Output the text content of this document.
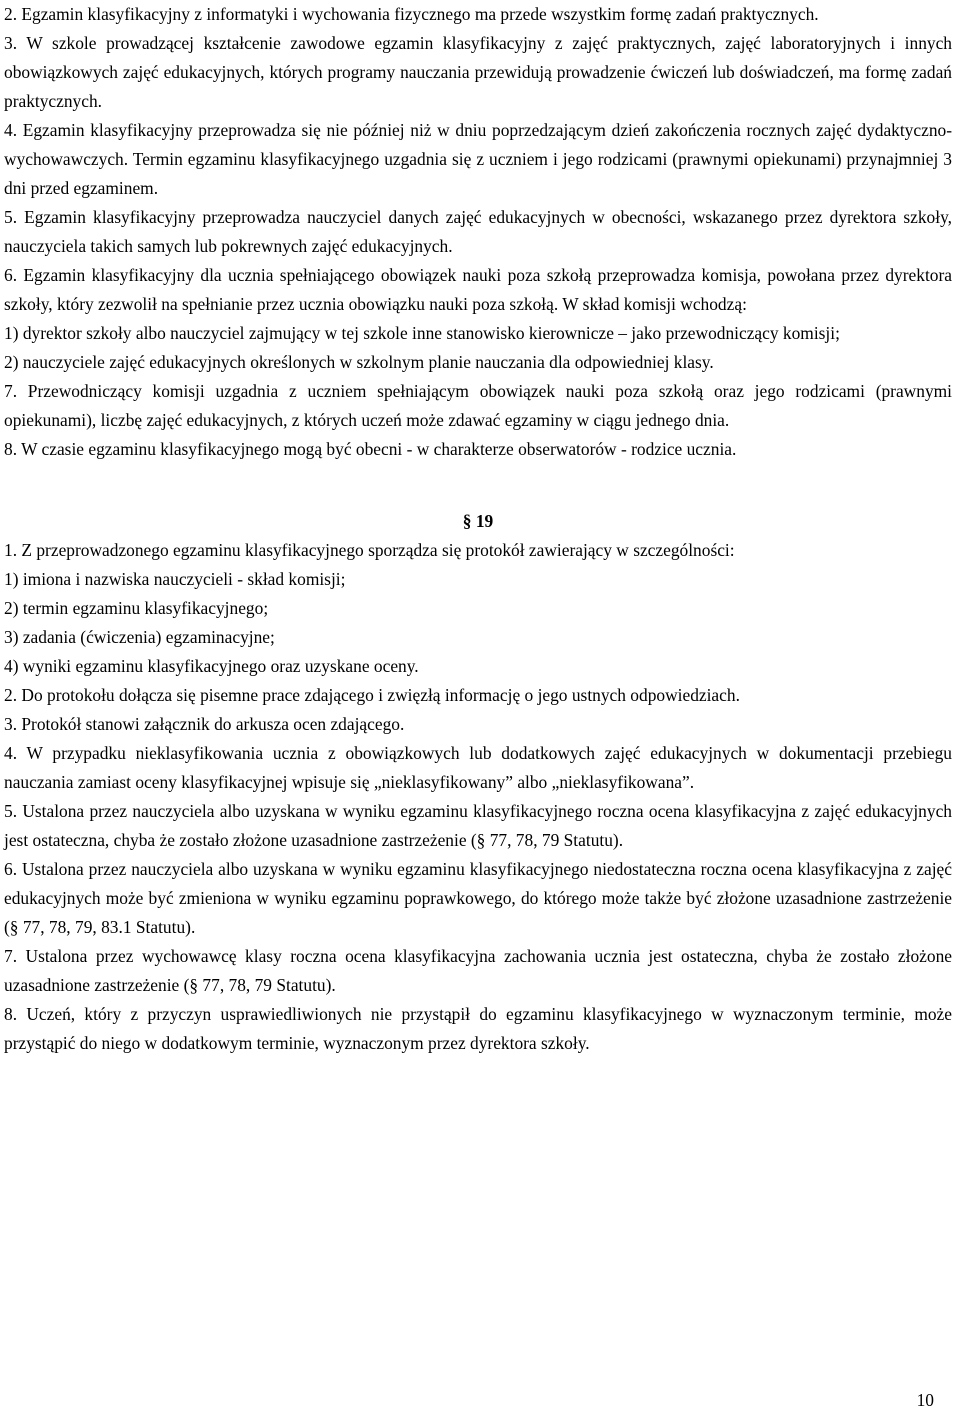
2. Egzamin klasyfikacyjny z informatyki i wychowania fizycznego ma przede wszystkim formę zadań praktycznych.

3. W szkole prowadzącej kształcenie zawodowe egzamin klasyfikacyjny z zajęć praktycznych, zajęć laboratoryjnych i innych obowiązkowych zajęć edukacyjnych, których programy nauczania przewidują prowadzenie ćwiczeń lub doświadczeń, ma formę zadań praktycznych.

4. Egzamin klasyfikacyjny przeprowadza się nie później niż w dniu poprzedzającym dzień zakończenia rocznych zajęć dydaktyczno-wychowawczych. Termin egzaminu klasyfikacyjnego uzgadnia się z uczniem i jego rodzicami (prawnymi opiekunami) przynajmniej 3 dni przed egzaminem.

5. Egzamin klasyfikacyjny przeprowadza nauczyciel danych zajęć edukacyjnych w obecności, wskazanego przez dyrektora szkoły, nauczyciela takich samych lub pokrewnych zajęć edukacyjnych.

6. Egzamin klasyfikacyjny dla ucznia spełniającego obowiązek nauki poza szkołą przeprowadza komisja, powołana przez dyrektora szkoły, który zezwolił na spełnianie przez ucznia obowiązku nauki poza szkołą. W skład komisji wchodzą:

1) dyrektor szkoły albo nauczyciel zajmujący w tej szkole inne stanowisko kierownicze – jako przewodniczący komisji;

2) nauczyciele zajęć edukacyjnych określonych w szkolnym planie nauczania dla odpowiedniej klasy.

7. Przewodniczący komisji uzgadnia z uczniem spełniającym obowiązek nauki poza szkołą oraz jego rodzicami (prawnymi opiekunami), liczbę zajęć edukacyjnych, z których uczeń może zdawać egzaminy w ciągu jednego dnia.

8. W czasie egzaminu klasyfikacyjnego mogą być obecni - w charakterze obserwatorów - rodzice ucznia.

§ 19

1. Z przeprowadzonego egzaminu klasyfikacyjnego sporządza się protokół zawierający w szczególności:

1) imiona i nazwiska nauczycieli - skład komisji;

2) termin egzaminu klasyfikacyjnego;

3) zadania (ćwiczenia) egzaminacyjne;

4) wyniki egzaminu klasyfikacyjnego oraz uzyskane oceny.

2. Do protokołu dołącza się pisemne prace zdającego i zwięzłą informację o jego ustnych odpowiedziach.

3. Protokół stanowi załącznik do arkusza ocen zdającego.

4. W przypadku nieklasyfikowania ucznia z obowiązkowych lub dodatkowych zajęć edukacyjnych w dokumentacji przebiegu nauczania zamiast oceny klasyfikacyjnej wpisuje się „nieklasyfikowany” albo „nieklasyfikowana”.

5. Ustalona przez nauczyciela albo uzyskana w wyniku egzaminu klasyfikacyjnego roczna ocena klasyfikacyjna z zajęć edukacyjnych jest ostateczna, chyba że zostało złożone uzasadnione zastrzeżenie (§ 77, 78, 79 Statutu).

6. Ustalona przez nauczyciela albo uzyskana w wyniku egzaminu klasyfikacyjnego niedostateczna roczna ocena klasyfikacyjna z zajęć edukacyjnych może być zmieniona w wyniku egzaminu poprawkowego, do którego może także być złożone uzasadnione zastrzeżenie (§ 77, 78, 79, 83.1 Statutu).

7. Ustalona przez wychowawcę klasy roczna ocena klasyfikacyjna zachowania ucznia jest ostateczna, chyba że zostało złożone uzasadnione zastrzeżenie (§ 77, 78, 79 Statutu).

8. Uczeń, który z przyczyn usprawiedliwionych nie przystąpił do egzaminu klasyfikacyjnego w wyznaczonym terminie, może przystąpić do niego w dodatkowym terminie, wyznaczonym przez dyrektora szkoły.

10
